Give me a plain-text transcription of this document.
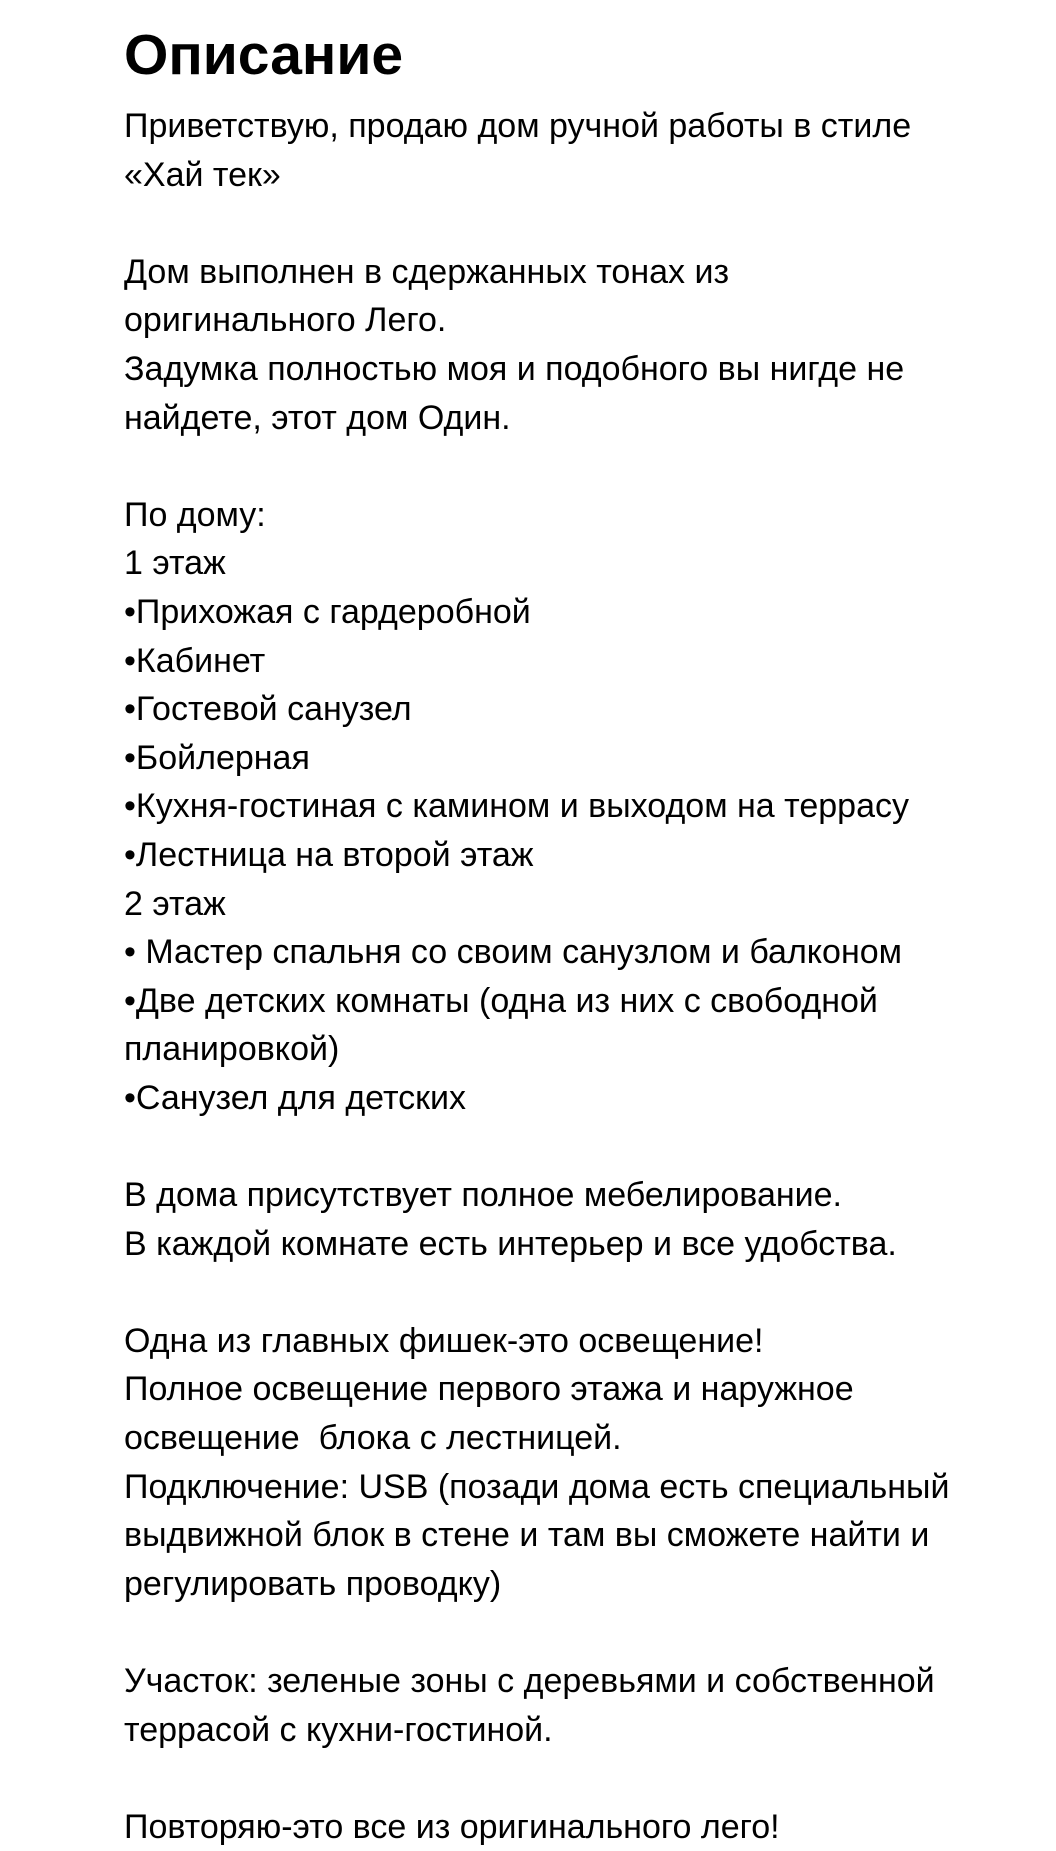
Описание
Приветствую, продаю дом ручной работы в стиле
«Хай тек»
Дом выполнен в сдержанных тонах из
оригинального Лего.
Задумка полностью моя и подобного вы нигде не
найдете, этот дом Один.
По дому:
1 этаж
•Прихожая с гардеробной
•Кабинет
•Гостевой санузел
•Бойлерная
•Кухня-гостиная с камином и выходом на террасу
•Лестница на второй этаж
2 этаж
• Мастер спальня со своим санузлом и балконом
•Две детских комнаты (одна из них с свободной
планировкой)
•Санузел для детских
В дома присутствует полное мебелирование.
В каждой комнате есть интерьер и все удобства.
Одна из главных фишек-это освещение!
Полное освещение первого этажа и наружное
освещение  блока с лестницей.
Подключение: USB (позади дома есть специальный
выдвижной блок в стене и там вы сможете найти и
регулировать проводку)
Участок: зеленые зоны с деревьями и собственной
террасой с кухни-гостиной.
Повторяю-это все из оригинального лего!
